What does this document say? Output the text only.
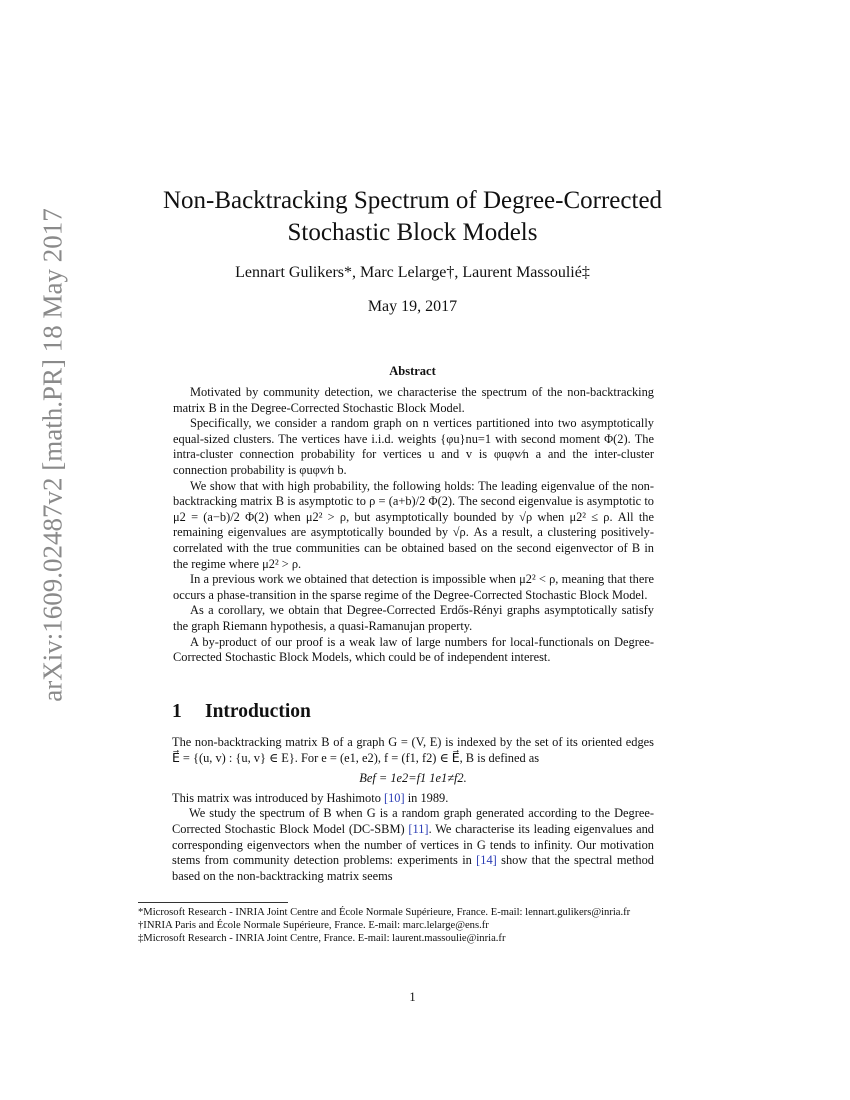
arXiv:1609.02487v2 [math.PR] 18 May 2017
Non-Backtracking Spectrum of Degree-Corrected Stochastic Block Models
Lennart Gulikers*, Marc Lelarge†, Laurent Massoulié‡
May 19, 2017
Abstract

Motivated by community detection, we characterise the spectrum of the non-backtracking matrix B in the Degree-Corrected Stochastic Block Model.

Specifically, we consider a random graph on n vertices partitioned into two asymptotically equal-sized clusters. The vertices have i.i.d. weights {φu}nu=1 with second moment Φ(2). The intra-cluster connection probability for vertices u and v is φuφv⁄n a and the inter-cluster connection probability is φuφv⁄n b.

We show that with high probability, the following holds: The leading eigenvalue of the non-backtracking matrix B is asymptotic to ρ = (a+b)/2 Φ(2). The second eigenvalue is asymptotic to μ2 = (a−b)/2 Φ(2) when μ2² > ρ, but asymptotically bounded by √ρ when μ2² ≤ ρ. All the remaining eigenvalues are asymptotically bounded by √ρ. As a result, a clustering positively-correlated with the true communities can be obtained based on the second eigenvector of B in the regime where μ2² > ρ.

In a previous work we obtained that detection is impossible when μ2² < ρ, meaning that there occurs a phase-transition in the sparse regime of the Degree-Corrected Stochastic Block Model.

As a corollary, we obtain that Degree-Corrected Erdős-Rényi graphs asymptotically satisfy the graph Riemann hypothesis, a quasi-Ramanujan property.

A by-product of our proof is a weak law of large numbers for local-functionals on Degree-Corrected Stochastic Block Models, which could be of independent interest.

1 Introduction

The non-backtracking matrix B of a graph G = (V, E) is indexed by the set of its oriented edges E⃗ = {(u, v) : {u, v} ∈ E}. For e = (e1, e2), f = (f1, f2) ∈ E⃗, B is defined as

Bef = 1e2=f1 1e1≠f2.

This matrix was introduced by Hashimoto [10] in 1989.

We study the spectrum of B when G is a random graph generated according to the Degree-Corrected Stochastic Block Model (DC-SBM) [11]. We characterise its leading eigenvalues and corresponding eigenvectors when the number of vertices in G tends to infinity. Our motivation stems from community detection problems: experiments in [14] show that the spectral method based on the non-backtracking matrix seems

*Microsoft Research - INRIA Joint Centre and École Normale Supérieure, France. E-mail: lennart.gulikers@inria.fr

†INRIA Paris and École Normale Supérieure, France. E-mail: marc.lelarge@ens.fr

‡Microsoft Research - INRIA Joint Centre, France. E-mail: laurent.massoulie@inria.fr

1
